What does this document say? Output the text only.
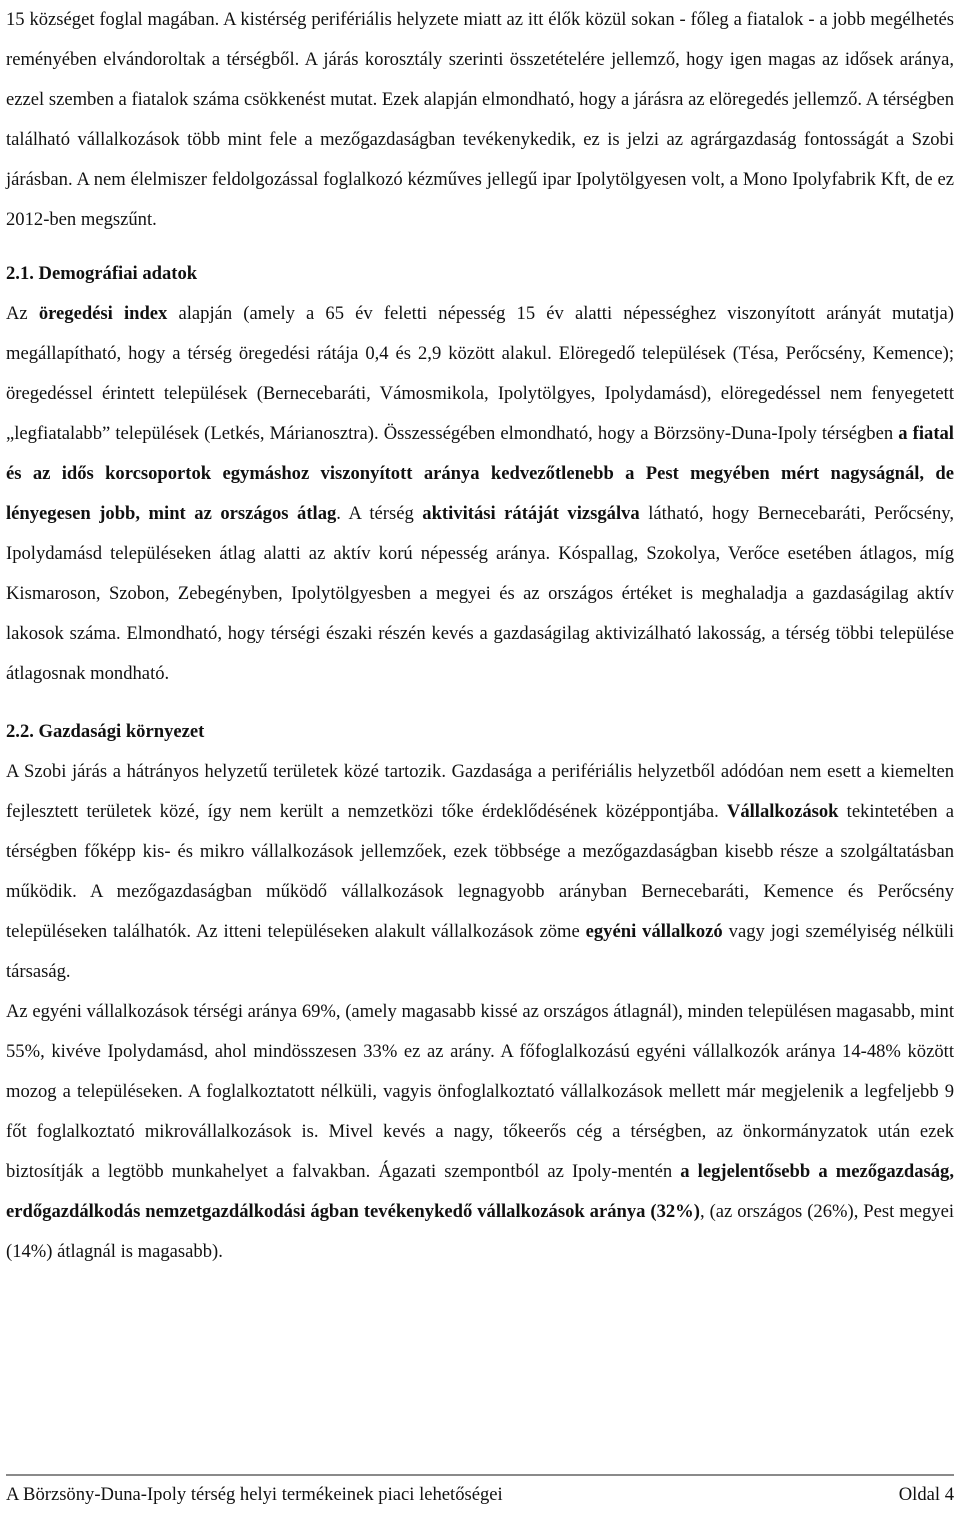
15 községet foglal magában. A kistérség perifériális helyzete miatt az itt élők közül sokan - főleg a fiatalok - a jobb megélhetés reményében elvándoroltak a térségből. A járás korosztály szerinti összetételére jellemző, hogy igen magas az idősek aránya, ezzel szemben a fiatalok száma csökkenést mutat. Ezek alapján elmondható, hogy a járásra az elöregedés jellemző. A térségben található vállalkozások több mint fele a mezőgazdaságban tevékenykedik, ez is jelzi az agrárgazdaság fontosságát a Szobi járásban. A nem élelmiszer feldolgozással foglalkozó kézműves jellegű ipar Ipolytölgyesen volt, a Mono Ipolyfabrik Kft, de ez 2012-ben megszűnt.

2.1. Demográfiai adatok

Az öregedési index alapján (amely a 65 év feletti népesség 15 év alatti népességhez viszonyított arányát mutatja) megállapítható, hogy a térség öregedési rátája 0,4 és 2,9 között alakul. Elöregedő települések (Tésa, Perőcsény, Kemence); öregedéssel érintett települések (Bernecebaráti, Vámosmikola, Ipolytölgyes, Ipolydamásd), elöregedéssel nem fenyegetett „legfiatalabb” települések (Letkés, Márianosztra). Összességében elmondható, hogy a Börzsöny-Duna-Ipoly térségben a fiatal és az idős korcsoportok egymáshoz viszonyított aránya kedvezőtlenebb a Pest megyében mért nagyságnál, de lényegesen jobb, mint az országos átlag. A térség aktivitási rátáját vizsgálva látható, hogy Bernecebaráti, Perőcsény, Ipolydamásd településeken átlag alatti az aktív korú népesség aránya. Kóspallag, Szokolya, Verőce esetében átlagos, míg Kismaroson, Szobon, Zebegényben, Ipolytölgyesben a megyei és az országos értéket is meghaladja a gazdaságilag aktív lakosok száma. Elmondható, hogy térségi északi részén kevés a gazdaságilag aktivizálható lakosság, a térség többi települése átlagosnak mondható.

2.2. Gazdasági környezet

A Szobi járás a hátrányos helyzetű területek közé tartozik. Gazdasága a perifériális helyzetből adódóan nem esett a kiemelten fejlesztett területek közé, így nem került a nemzetközi tőke érdeklődésének középpontjába. Vállalkozások tekintetében a térségben főképp kis- és mikro vállalkozások jellemzőek, ezek többsége a mezőgazdaságban kisebb része a szolgáltatásban működik. A mezőgazdaságban működő vállalkozások legnagyobb arányban Bernecebaráti, Kemence és Perőcsény településeken találhatók. Az itteni településeken alakult vállalkozások zöme egyéni vállalkozó vagy jogi személyiség nélküli társaság.

Az egyéni vállalkozások térségi aránya 69%, (amely magasabb kissé az országos átlagnál), minden településen magasabb, mint 55%, kivéve Ipolydamásd, ahol mindösszesen 33% ez az arány. A főfoglalkozású egyéni vállalkozók aránya 14-48% között mozog a településeken. A foglalkoztatott nélküli, vagyis önfoglalkoztató vállalkozások mellett már megjelenik a legfeljebb 9 főt foglalkoztató mikrovállalkozások is. Mivel kevés a nagy, tőkeerős cég a térségben, az önkormányzatok után ezek biztosítják a legtöbb munkahelyet a falvakban. Ágazati szempontból az Ipoly-mentén a legjelentősebb a mezőgazdaság, erdőgazdálkodás nemzetgazdálkodási ágban tevékenykedő vállalkozások aránya (32%), (az országos (26%), Pest megyei (14%) átlagnál is magasabb).

A Börzsöny-Duna-Ipoly térség helyi termékeinek piaci lehetőségei	Oldal 4
